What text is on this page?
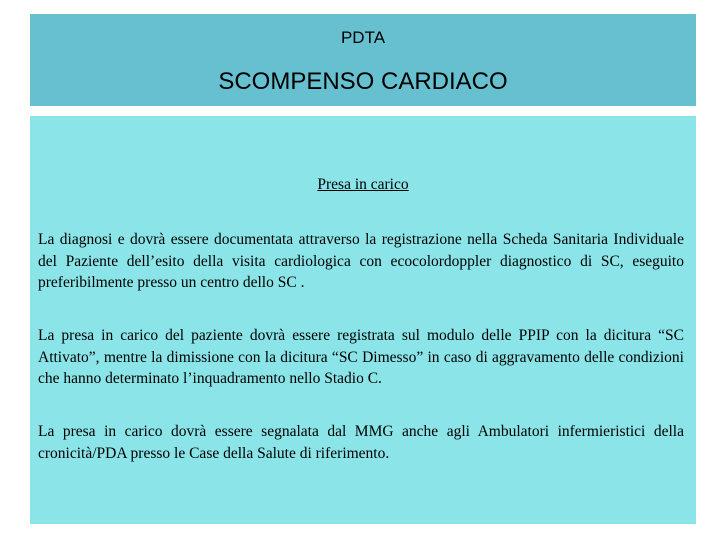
PDTA
SCOMPENSO CARDIACO
Presa in carico

La diagnosi e dovrà essere documentata attraverso la registrazione nella Scheda Sanitaria Individuale del Paziente dell’esito della visita cardiologica con ecocolordoppler diagnostico di SC, eseguito preferibilmente presso un centro dello SC .

La presa in carico del paziente dovrà essere registrata sul modulo delle PPIP con la dicitura “SC Attivato”, mentre la dimissione con la dicitura “SC Dimesso” in caso di aggravamento delle condizioni che hanno determinato l’inquadramento nello Stadio C.

La presa in carico dovrà essere segnalata dal MMG anche agli Ambulatori infermieristici della cronicità/PDA presso le Case della Salute di riferimento.
